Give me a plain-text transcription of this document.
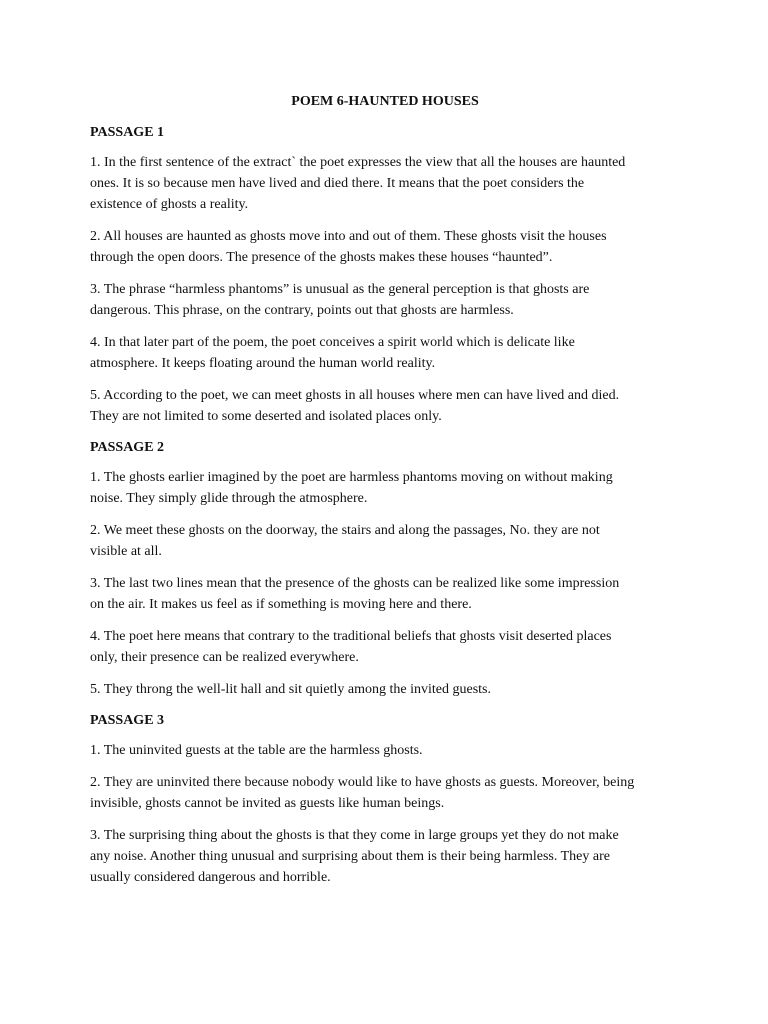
POEM 6-HAUNTED HOUSES
PASSAGE 1
1. In the first sentence of the extract` the poet expresses the view that all the houses are haunted
ones. It is so because men have lived and died there. It means that the poet considers the
existence of ghosts a reality.
2. All houses are haunted as ghosts move into and out of them. These ghosts visit the houses
through the open doors. The presence of the ghosts makes these houses “haunted”.
3. The phrase “harmless phantoms” is unusual as the general perception is that ghosts are
dangerous. This phrase, on the contrary, points out that ghosts are harmless.
4. In that later part of the poem, the poet conceives a spirit world which is delicate like
atmosphere. It keeps floating around the human world reality.
5. According to the poet, we can meet ghosts in all houses where men can have lived and died.
They are not limited to some deserted and isolated places only.
PASSAGE 2
1. The ghosts earlier imagined by the poet are harmless phantoms moving on without making
noise. They simply glide through the atmosphere.
2. We meet these ghosts on the doorway, the stairs and along the passages, No. they are not
visible at all.
3. The last two lines mean that the presence of the ghosts can be realized like some impression
on the air. It makes us feel as if something is moving here and there.
4. The poet here means that contrary to the traditional beliefs that ghosts visit deserted places
only, their presence can be realized everywhere.
5. They throng the well-lit hall and sit quietly among the invited guests.
PASSAGE 3
1. The uninvited guests at the table are the harmless ghosts.
2. They are uninvited there because nobody would like to have ghosts as guests. Moreover, being
invisible, ghosts cannot be invited as guests like human beings.
3. The surprising thing about the ghosts is that they come in large groups yet they do not make
any noise. Another thing unusual and surprising about them is their being harmless. They are
usually considered dangerous and horrible.
